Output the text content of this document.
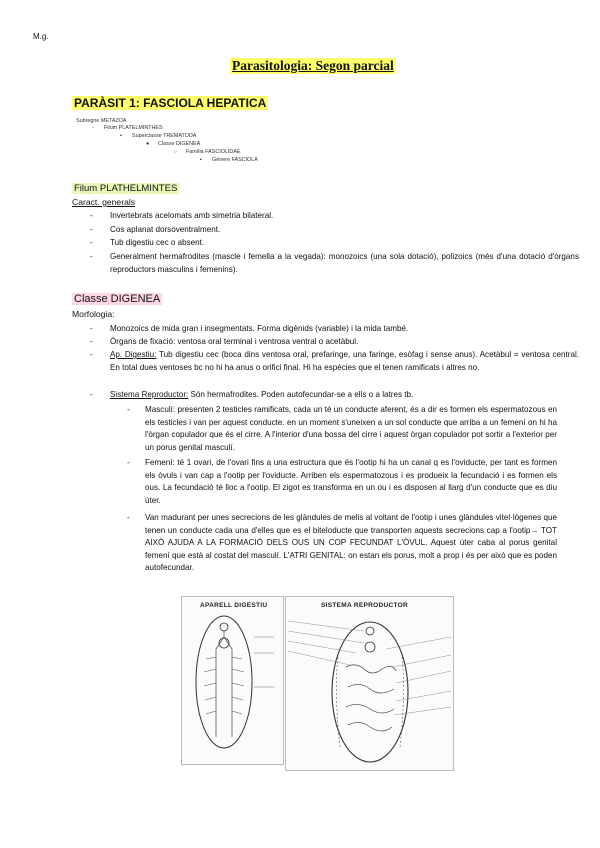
M.g.
Parasitologia: Segon parcial
PARÀSIT 1: FASCIOLA HEPATICA
Subregne METAZOA
- Filum PLATELMINTHES
▪ Superclasse TREMATODA
● Classe DIGENEA
○ Família FASCIOLIDAE
▪ Gènere FASCIOLA
Filum PLATHELMINTES
Caract. generals
- Invertebrats acelomats amb simetria bilateral.
- Cos aplanat dorsoventralment.
- Tub digestiu cec o absent.
- Generalment hermafrodites (mascle i femella a la vegada): monozoics (una sola dotació), polizoics (més d'una dotació d'òrgans reproductors masculins i femenins).
Classe DIGENEA
Morfologia:
- Monozoics de mida gran i insegmentats. Forma digènids (variable) i la mida també.
- Òrgans de fixació: ventosa oral terminal i ventrosa ventral o acetàbul.
- Ap. Digestiu: Tub digestiu cec (boca dins ventosa oral, prefaringe, una faringe, esòfag i sense anus). Acetàbul = ventosa central. En total dues ventoses bc no hi ha anus o orifici final. Hi ha espècies que el tenen ramificats i altres no.
- Sistema Reproductor: Són hermafrodites. Poden autofecundar-se a ells o a latres tb.
- Masculí: presenten 2 testicles ramificats, cada un té un conducte aferent, és a dir es formen els espermatozous en els testicles i van per aquest conducte. en un moment s'uneixen a un sol conducte que arriba a un femení on hi ha l'òrgan copulador que és el cirre. A l'interior d'una bossa del cirre i aquest òrgan copulador pot sortir a l'exterior per un porus genital masculí.
- Femení: té 1 ovari, de l'ovari fins a una estructura que és l'ootip hi ha un canal q es l'oviducte, per tant es formen els òvuls i van cap a l'ootip per l'oviducte. Arriben els espermatozous i es produeix la fecundació i es formen els ous. La fecundació té lloc a l'ootip. El zigot es transforma en un ou i es disposen al llarg d'un conducte que es diu úter.
- Van madurant per unes secrecions de les glàndules de melis al voltant de l'ootip i unes glàndules vitel·lògenes que tenen un conducte cada una d'elles que es el biteloducte que transporten aquests secrecions cap a l'ootip→ TOT AIXÒ AJUDA A LA FORMACIÓ DELS OUS UN COP FECUNDAT L'ÒVUL. Aquest úter caba al porus genital femení que està al costat del masculí. L'ATRI GENITAL: on estan els porus, molt a prop i és per això que es poden autofecundar.
APARELL DIGESTIU	SISTEMA REPRODUCTOR
